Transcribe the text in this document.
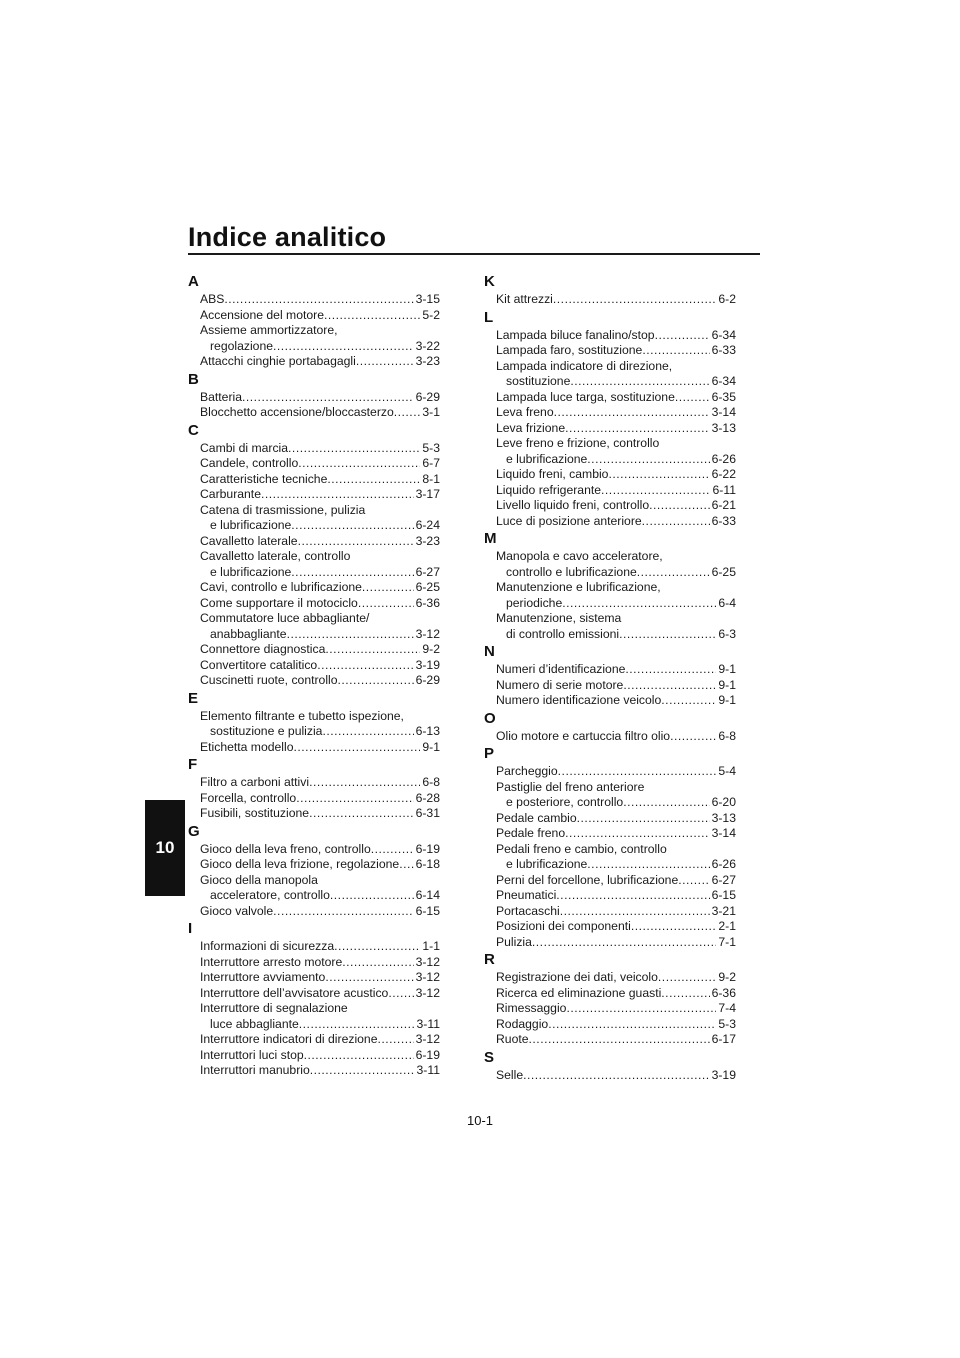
Indice analitico
10
A
ABS .....	3-15
Accensione del motore .....	5-2
Assieme ammortizzatore,
regolazione .....	3-22
Attacchi cinghie portabagagli .....	3-23
B
Batteria .....	6-29
Blocchetto accensione/bloccasterzo ..... 3-1
C
Cambi di marcia .....	5-3
Candele, controllo .....	6-7
Caratteristiche tecniche .....	8-1
Carburante .....	3-17
Catena di trasmissione, pulizia
e lubrificazione .....	6-24
Cavalletto laterale .....	3-23
Cavalletto laterale, controllo
e lubrificazione .....	6-27
Cavi, controllo e lubrificazione .....	6-25
Come supportare il motociclo .....	6-36
Commutatore luce abbagliante/
anabbagliante .....	3-12
Connettore diagnostica .....	9-2
Convertitore catalitico .....	3-19
Cuscinetti ruote, controllo .....	6-29
E
Elemento filtrante e tubetto ispezione,
sostituzione e pulizia .....	6-13
Etichetta modello .....	9-1
F
Filtro a carboni attivi .....	6-8
Forcella, controllo .....	6-28
Fusibili, sostituzione .....	6-31
G
Gioco della leva freno, controllo .....	6-19
Gioco della leva frizione, regolazione ..... 6-18
Gioco della manopola
acceleratore, controllo .....	6-14
Gioco valvole .....	6-15
I
Informazioni di sicurezza .....	1-1
Interruttore arresto motore .....	3-12
Interruttore avviamento .....	3-12
Interruttore dell’avvisatore acustico ..... 3-12
Interruttore di segnalazione
luce abbagliante .....	3-11
Interruttore indicatori di direzione .....	3-12
Interruttori luci stop .....	6-19
Interruttori manubrio .....	3-11
K
Kit attrezzi .....	6-2
L
Lampada biluce fanalino/stop .....	6-34
Lampada faro, sostituzione .....	6-33
Lampada indicatore di direzione,
sostituzione .....	6-34
Lampada luce targa, sostituzione .....	6-35
Leva freno .....	3-14
Leva frizione .....	3-13
Leve freno e frizione, controllo
e lubrificazione .....	6-26
Liquido freni, cambio .....	6-22
Liquido refrigerante .....	6-11
Livello liquido freni, controllo .....	6-21
Luce di posizione anteriore .....	6-33
M
Manopola e cavo acceleratore,
controllo e lubrificazione .....	6-25
Manutenzione e lubrificazione,
periodiche .....	6-4
Manutenzione, sistema
di controllo emissioni .....	6-3
N
Numeri d’identificazione .....	9-1
Numero di serie motore .....	9-1
Numero identificazione veicolo .....	9-1
O
Olio motore e cartuccia filtro olio .....	6-8
P
Parcheggio .....	5-4
Pastiglie del freno anteriore
e posteriore, controllo .....	6-20
Pedale cambio .....	3-13
Pedale freno .....	3-14
Pedali freno e cambio, controllo
e lubrificazione .....	6-26
Perni del forcellone, lubrificazione .....	6-27
Pneumatici .....	6-15
Portacaschi .....	3-21
Posizioni dei componenti .....	2-1
Pulizia .....	7-1
R
Registrazione dei dati, veicolo .....	9-2
Ricerca ed eliminazione guasti .....	6-36
Rimessaggio .....	7-4
Rodaggio .....	5-3
Ruote .....	6-17
S
Selle .....	3-19
10-1
